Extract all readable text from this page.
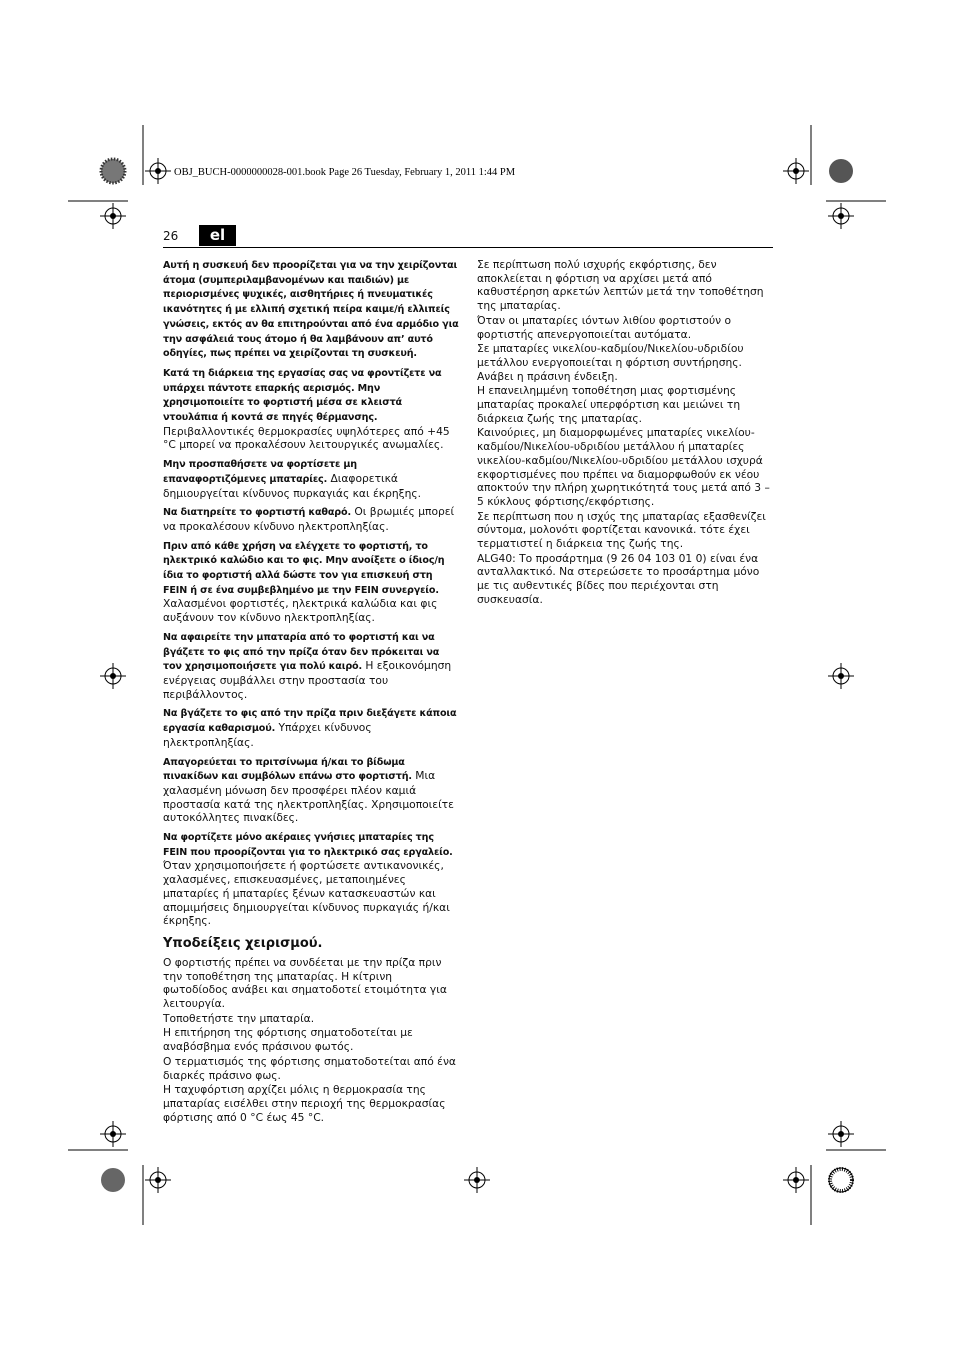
OBJ_BUCH-0000000028-001.book Page 26 Tuesday, February 1, 2011 1:44 PM
26	el

Αυτή η συσκευή δεν προορίζεται για να την χειρίζονται άτομα (συμπεριλαμβανομένων και παιδιών) με περιορισμένες ψυχικές, αισθητήριες ή πνευματικές ικανότητες ή με ελλιπή σχετική πείρα καιμε/ή ελλιπείς γνώσεις, εκτός αν θα επιτηρούνται από ένα αρμόδιο για την ασφάλειά τους άτομο ή θα λαμβάνουν απ’ αυτό οδηγίες, πως πρέπει να χειρίζονται τη συσκευή.

Κατά τη διάρκεια της εργασίας σας να φροντίζετε να υπάρχει πάντοτε επαρκής αερισμός. Μην χρησιμοποιείτε το φορτιστή μέσα σε κλειστά ντουλάπια ή κοντά σε πηγές θέρμανσης. Περιβαλλοντικές θερμοκρασίες υψηλότερες από +45 °C μπορεί να προκαλέσουν λειτουργικές ανωμαλίες.

Μην προσπαθήσετε να φορτίσετε μη επαναφορτιζόμενες μπαταρίες. Διαφορετικά δημιουργείται κίνδυνος πυρκαγιάς και έκρηξης.

Να διατηρείτε το φορτιστή καθαρό. Οι βρωμιές μπορεί να προκαλέσουν κίνδυνο ηλεκτροπληξίας.

Πριν από κάθε χρήση να ελέγχετε το φορτιστή, το ηλεκτρικό καλώδιο και το φις. Μην ανοίξετε ο ίδιος/η ίδια το φορτιστή αλλά δώστε τον για επισκευή στη FEIN ή σε ένα συμβεβλημένο με την FEIN συνεργείο. Χαλασμένοι φορτιστές, ηλεκτρικά καλώδια και φις αυξάνουν τον κίνδυνο ηλεκτροπληξίας.

Να αφαιρείτε την μπαταρία από το φορτιστή και να βγάζετε το φις από την πρίζα όταν δεν πρόκειται να τον χρησιμοποιήσετε για πολύ καιρό. Η εξοικονόμηση ενέργειας συμβάλλει στην προστασία του περιβάλλοντος.

Να βγάζετε το φις από την πρίζα πριν διεξάγετε κάποια εργασία καθαρισμού. Υπάρχει κίνδυνος ηλεκτροπληξίας.

Απαγορεύεται το πριτσίνωμα ή/και το βίδωμα πινακίδων και συμβόλων επάνω στο φορτιστή. Μια χαλασμένη μόνωση δεν προσφέρει πλέον καμιά προστασία κατά της ηλεκτροπληξίας. Χρησιμοποιείτε αυτοκόλλητες πινακίδες.

Να φορτίζετε μόνο ακέραιες γνήσιες μπαταρίες της FEIN που προορίζονται για το ηλεκτρικό σας εργαλείο. Όταν χρησιμοποιήσετε ή φορτώσετε αντικανονικές, χαλασμένες, επισκευασμένες, μεταποιημένες μπαταρίες ή μπαταρίες ξένων κατασκευαστών και απομιμήσεις δημιουργείται κίνδυνος πυρκαγιάς ή/και έκρηξης.

Υποδείξεις χειρισμού.

Ο φορτιστής πρέπει να συνδέεται με την πρίζα πριν την τοποθέτηση της μπαταρίας. Η κίτρινη φωτοδίοδος ανάβει και σηματοδοτεί ετοιμότητα για λειτουργία.

Τοποθετήστε την μπαταρία.

Η επιτήρηση της φόρτισης σηματοδοτείται με αναβόσβημα ενός πράσινου φωτός.

Ο τερματισμός της φόρτισης σηματοδοτείται από ένα διαρκές πράσινο φως.

Η ταχυφόρτιση αρχίζει μόλις η θερμοκρασία της μπαταρίας εισέλθει στην περιοχή της θερμοκρασίας φόρτισης από 0 °C έως 45 °C.

Σε περίπτωση πολύ ισχυρής εκφόρτισης, δεν αποκλείεται η φόρτιση να αρχίσει μετά από καθυστέρηση αρκετών λεπτών μετά την τοποθέτηση της μπαταρίας.

Όταν οι μπαταρίες ιόντων λιθίου φορτιστούν ο φορτιστής απενεργοποιείται αυτόματα.

Σε μπαταρίες νικελίου-καδμίου/Νικελίου-υδριδίου μετάλλου ενεργοποιείται η φόρτιση συντήρησης. Ανάβει η πράσινη ένδειξη.

Η επανειλημμένη τοποθέτηση μιας φορτισμένης μπαταρίας προκαλεί υπερφόρτιση και μειώνει τη διάρκεια ζωής της μπαταρίας.

Καινούριες, μη διαμορφωμένες μπαταρίες νικελίου-καδμίου/Νικελίου-υδριδίου μετάλλου ή μπαταρίες νικελίου-καδμίου/Νικελίου-υδριδίου μετάλλου ισχυρά εκφορτισμένες που πρέπει να διαμορφωθούν εκ νέου αποκτούν την πλήρη χωρητικότητά τους μετά από 3 – 5 κύκλους φόρτισης/εκφόρτισης.

Σε περίπτωση που η ισχύς της μπαταρίας εξασθενίζει σύντομα, μολονότι φορτίζεται κανονικά. τότε έχει τερματιστεί η διάρκεια της ζωής της.

ALG40: Το προσάρτημα (9 26 04 103 01 0) είναι ένα ανταλλακτικό. Να στερεώσετε το προσάρτημα μόνο με τις αυθεντικές βίδες που περιέχονται στη συσκευασία.
